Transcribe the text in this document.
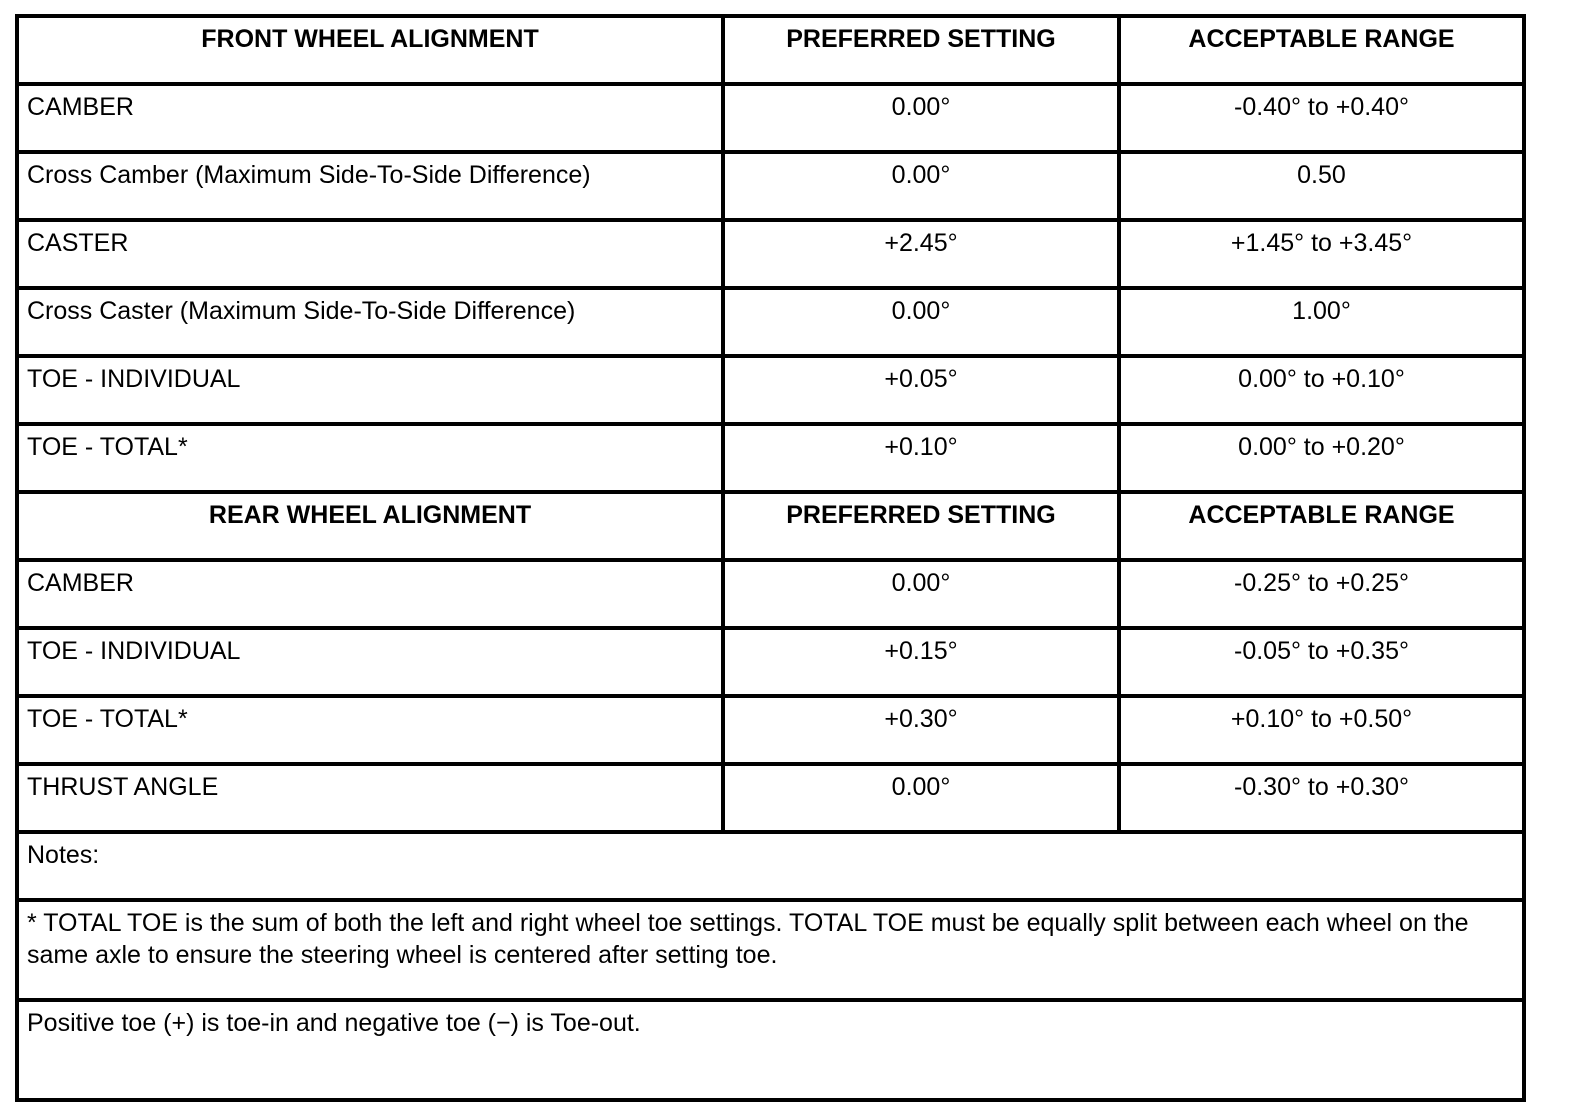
FRONT WHEEL ALIGNMENT	PREFERRED SETTING	ACCEPTABLE RANGE
CAMBER	0.00°	-0.40° to +0.40°
Cross Camber (Maximum Side-To-Side Difference)	0.00°	0.50
CASTER	+2.45°	+1.45° to +3.45°
Cross Caster (Maximum Side-To-Side Difference)	0.00°	1.00°
TOE - INDIVIDUAL	+0.05°	0.00° to +0.10°
TOE - TOTAL*	+0.10°	0.00° to +0.20°
REAR WHEEL ALIGNMENT	PREFERRED SETTING	ACCEPTABLE RANGE
CAMBER	0.00°	-0.25° to +0.25°
TOE - INDIVIDUAL	+0.15°	-0.05° to +0.35°
TOE - TOTAL*	+0.30°	+0.10° to +0.50°
THRUST ANGLE	0.00°	-0.30° to +0.30°
Notes:		
* TOTAL TOE is the sum of both the left and right wheel toe settings. TOTAL TOE must be equally split between each wheel on the same axle to ensure the steering wheel is centered after setting toe.		
Positive toe (+) is toe-in and negative toe (−) is Toe-out.		
